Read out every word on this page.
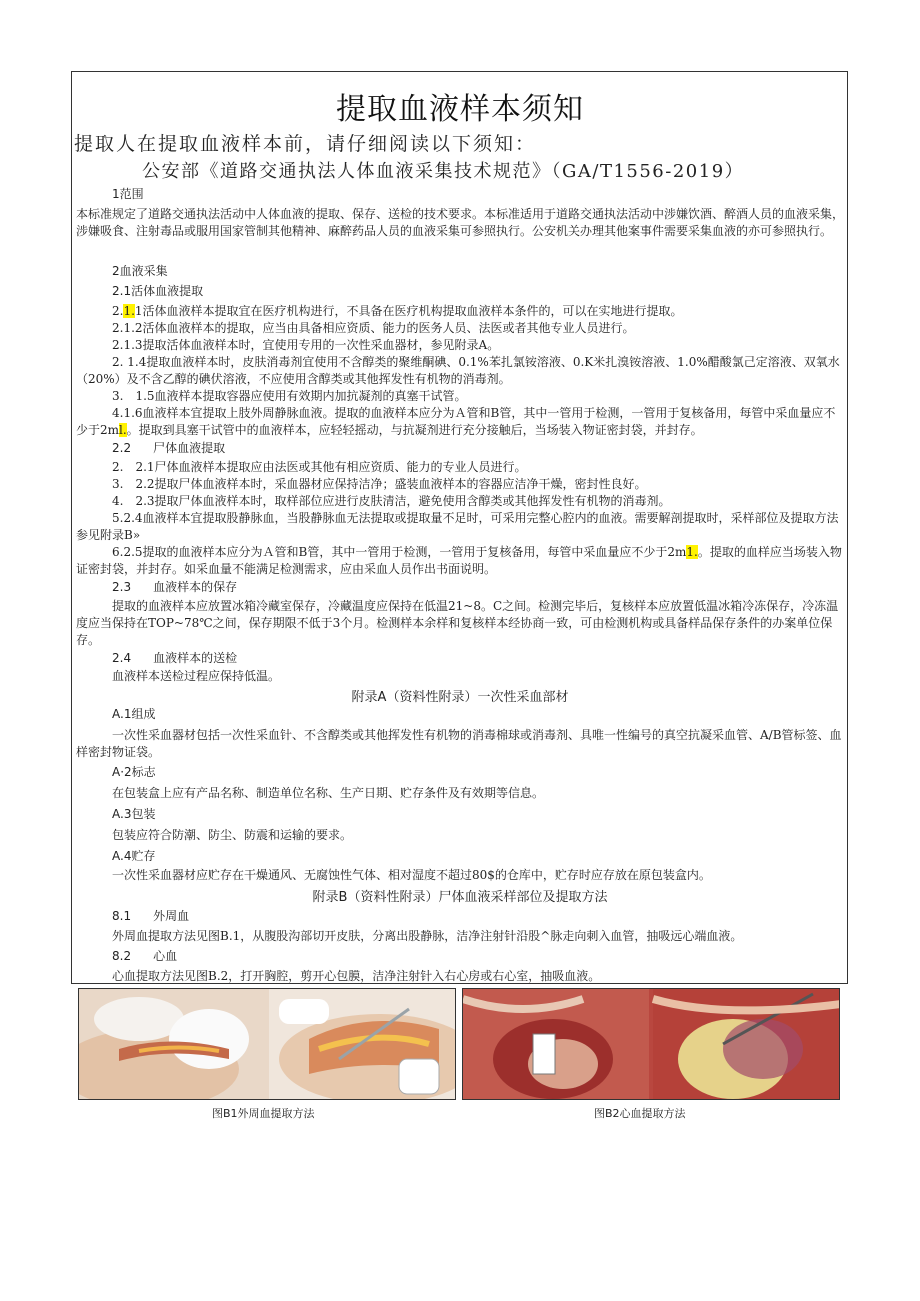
提取血液样本须知
提取人在提取血液样本前，请仔细阅读以下须知：
公安部《道路交通执法人体血液采集技术规范》（GA/T1556-2019）
1范围
本标准规定了道路交通执法活动中人体血液的提取、保存、送检的技术要求。本标准适用于道路交通执法活动中涉嫌饮酒、醉酒人员的血液采集，涉嫌吸食、注射毒品或服用国家管制其他精神、麻醉药品人员的血液采集可参照执行。公安机关办理其他案事件需要采集血液的亦可参照执行。
2血液采集
2.1活体血液提取
2.1.1活体血液样本提取宜在医疗机构进行，不具备在医疗机构提取血液样本条件的，可以在实地进行提取。
2.1.2活体血液样本的提取，应当由具备相应资质、能力的医务人员、法医或者其他专业人员进行。
2.1.3提取活体血液样本时，宜使用专用的一次性采血器材，参见附录A。
2. 1.4提取血液样本时，皮肤消毒剂宜使用不含醇类的聚维酮碘、0.1%苯扎氯铵溶液、0.K米扎溴铵溶液、1.0%醋酸氯己定溶液、双氧水（20%）及不含乙醇的碘伏溶液，不应使用含醇类或其他挥发性有机物的消毒剂。
3.　1.5血液样本提取容器应使用有效期内加抗凝剂的真塞干试管。
4.1.6血液样本宜提取上肢外周静脉血液。提取的血液样本应分为Ａ管和B管，其中一管用于检测，一管用于复核备用，每管中采血量应不少于2ml.。提取到具塞干试管中的血液样本，应轻轻摇动，与抗凝剂进行充分接触后，当场装入物证密封袋，并封存。
2.2 尸体血液提取
2.　2.1尸体血液样本提取应由法医或其他有相应资质、能力的专业人员进行。
3.　2.2提取尸体血液样本时，采血器材应保持洁净；盛装血液样本的容器应洁净干燥，密封性良好。
4.　2.3提取尸体血液样本时，取样部位应进行皮肤清洁，避免使用含醇类或其他挥发性有机物的消毒剂。
5.2.4血液样本宜提取股静脉血，当股静脉血无法提取或提取量不足时，可采用完整心腔内的血液。需要解剖提取时，采样部位及提取方法参见附录B»
6.2.5提取的血液样本应分为Ａ管和B管，其中一管用于检测，一管用于复核备用，每管中采血量应不少于2m1.。提取的血样应当场装入物证密封袋，并封存。如采血量不能满足检测需求，应由采血人员作出书面说明。
2.3 血液样本的保存
提取的血液样本应放置冰箱冷藏室保存，冷藏温度应保持在低温21~8。C之间。检测完毕后，复核样本应放置低温冰箱冷冻保存，冷冻温度应当保持在TOP~78℃之间，保存期限不低于3个月。检测样本余样和复核样本经协商一致，可由检测机构或具备样品保存条件的办案单位保存。
2.4 血液样本的送检
血液样本送检过程应保持低温。
附录A（资料性附录）一次性采血部材
A.1组成
一次性采血器材包括一次性采血针、不含醇类或其他挥发性有机物的消毒棉球或消毒剂、具唯一性编号的真空抗凝采血管、A/B管标签、血样密封物证袋。
A·2标志
在包装盒上应有产品名称、制造单位名称、生产日期、贮存条件及有效期等信息。
A.3包装
包装应符合防潮、防尘、防震和运输的要求。
A.4贮存
一次性采血器材应贮存在干燥通风、无腐蚀性气体、相对湿度不超过80$的仓库中，贮存时应存放在原包装盒内。
附录B（资料性附录）尸体血液采样部位及提取方法
8.1 外周血
外周血提取方法见图B.1，从腹股沟部切开皮肤，分离出股静脉，洁净注射针沿股^脉走向刺入血管，抽吸远心端血液。
8.2 心血
心血提取方法见图B.2，打开胸腔，剪开心包膜，洁净注射针入右心房或右心室，抽吸血液。
图B1外周血提取方法	图B2心血提取方法
